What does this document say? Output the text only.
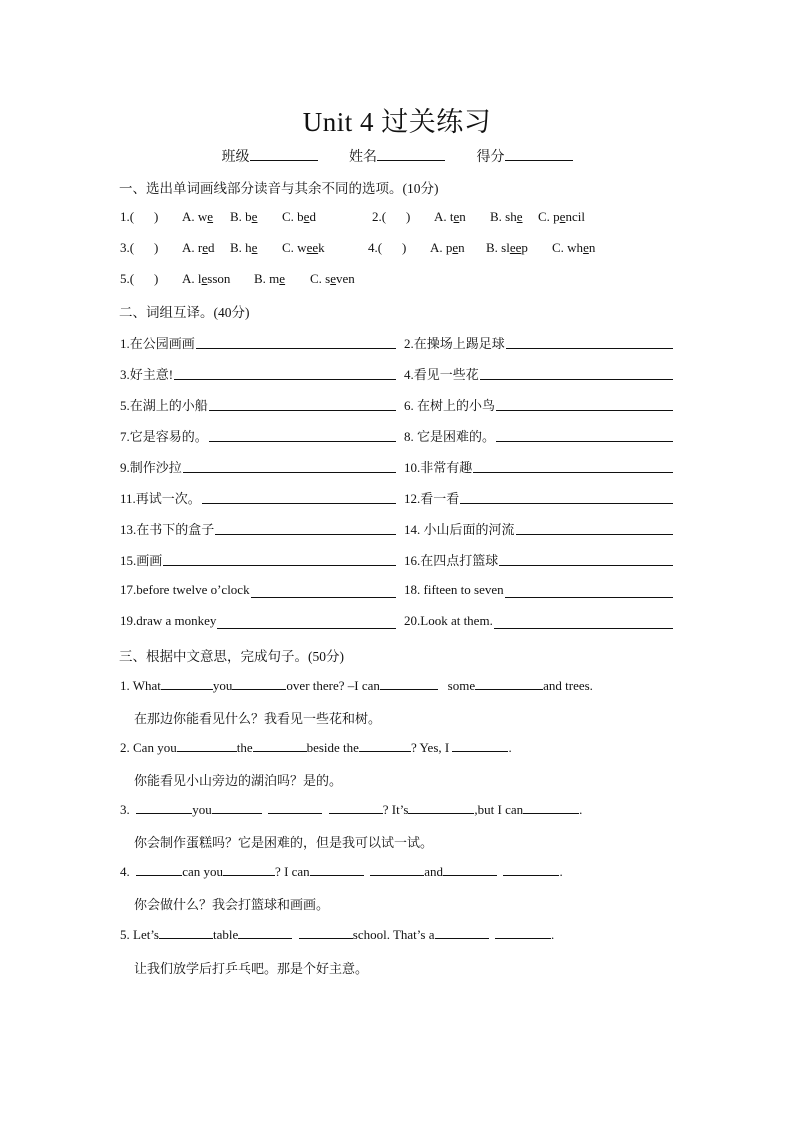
Unit 4 过关练习
班级	姓名	得分
一、选出单词画线部分读音与其余不同的选项。(10分)
1.( ) A. we B. be C. bed	2.( ) A. ten B. she C. pencil
3.( ) A. red B. he C. week	4.( ) A. pen B. sleep C. when
5.( ) A. lesson B. me C. seven
二、词组互译。(40分)
1.在公园画画	2.在操场上踢足球
3.好主意!	4.看见一些花
5.在湖上的小船	6. 在树上的小鸟
7.它是容易的。	8. 它是困难的。
9.制作沙拉	10.非常有趣
11.再试一次。	12.看一看
13.在书下的盒子	14. 小山后面的河流
15.画画	16.在四点打篮球
17.before twelve o’clock	18. fifteen to seven
19.draw a monkey	20.Look at them.
三、根据中文意思，完成句子。(50分)
1. What	you	over there? –I can	some	and trees.
在那边你能看见什么？我看见一些花和树。
2. Can you	the	beside the	? Yes, I	.
你能看见小山旁边的湖泊吗？是的。
3.	you	? It’s	,but I can	.
你会制作蛋糕吗？它是困难的，但是我可以试一试。
4.	can you	? I can	and	.
你会做什么？我会打篮球和画画。
5. Let’s	table	school. That’s a	.
让我们放学后打乒乓吧。那是个好主意。
